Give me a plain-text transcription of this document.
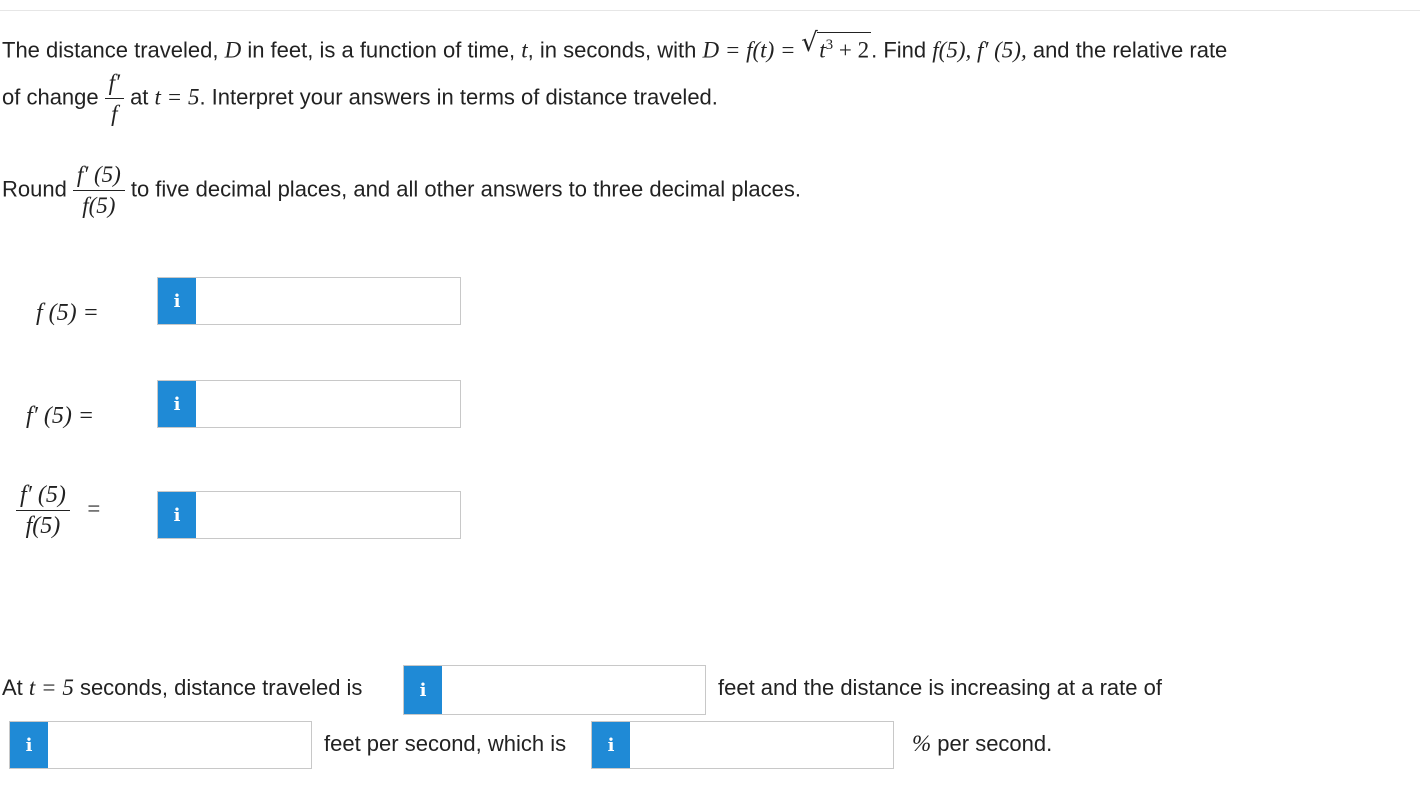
The distance traveled, D in feet, is a function of time, t, in seconds, with D = f(t) = √ $t^3 + 2$. Find f(5), f′ (5), and the relative rate
of change $\frac{f'}{f}$ at t = 5. Interpret your answers in terms of distance traveled.
Round $\frac{f' (5)}{f(5)}$ to five decimal places, and all other answers to three decimal places.
f (5) =	i
f′ (5) =	i
$\frac{f' (5)}{f(5)}$ =	i
At t = 5 seconds, distance traveled is	i	feet and the distance is increasing at a rate of
i	feet per second, which is	i	% per second.
